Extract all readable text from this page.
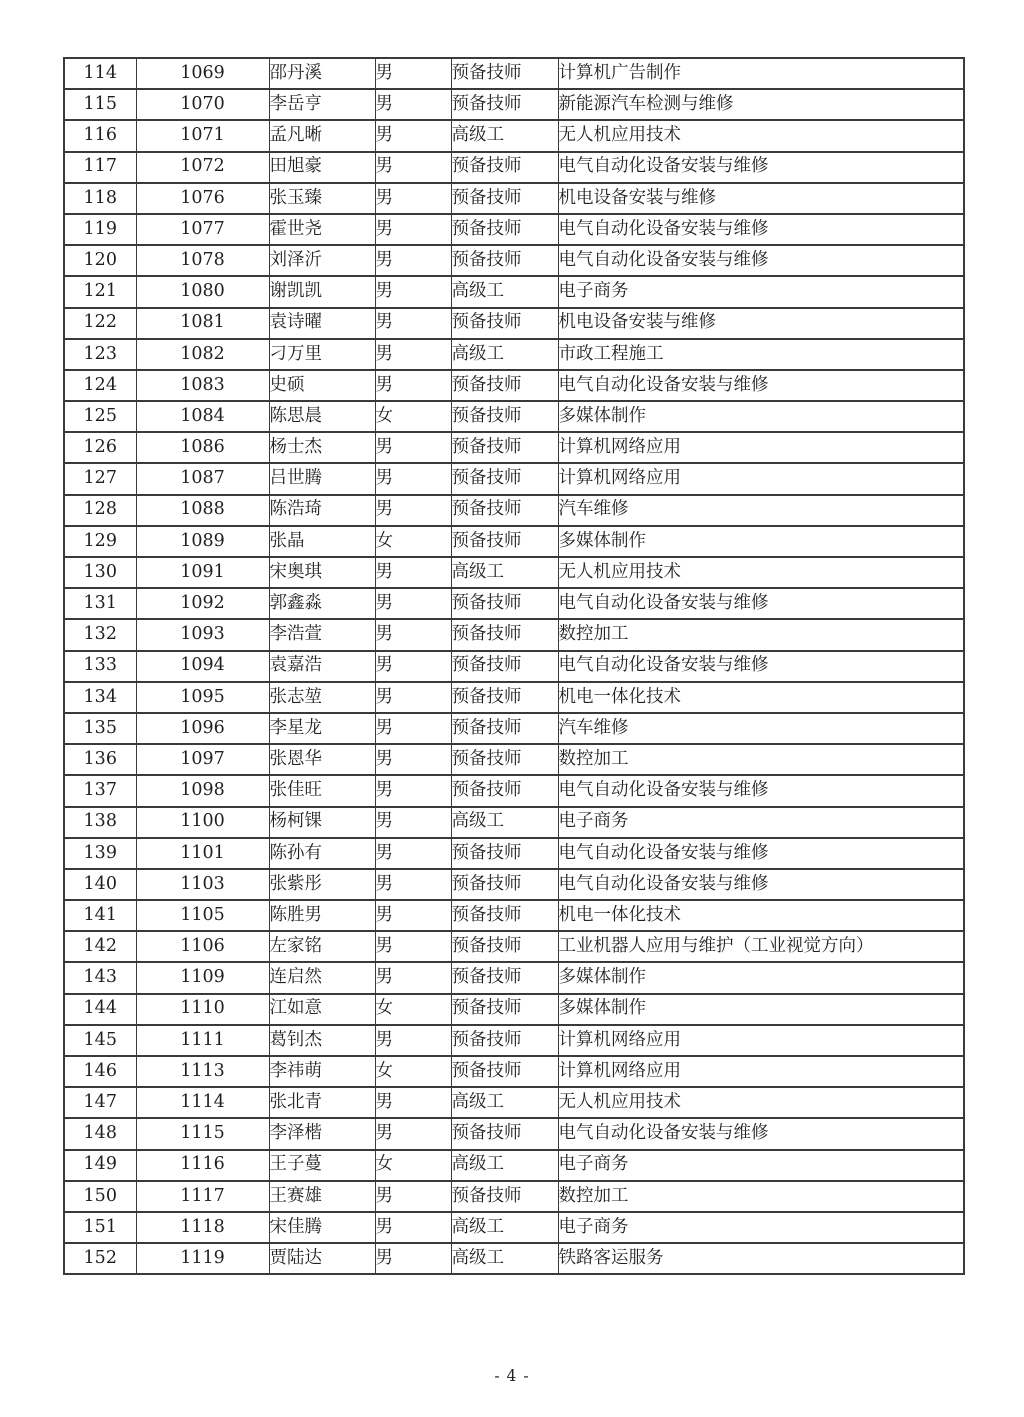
114	1069	邵丹溪	男	预备技师	计算机广告制作
115	1070	李岳亨	男	预备技师	新能源汽车检测与维修
116	1071	孟凡晰	男	高级工	无人机应用技术
117	1072	田旭豪	男	预备技师	电气自动化设备安装与维修
118	1076	张玉臻	男	预备技师	机电设备安装与维修
119	1077	霍世尧	男	预备技师	电气自动化设备安装与维修
120	1078	刘泽沂	男	预备技师	电气自动化设备安装与维修
121	1080	谢凯凯	男	高级工	电子商务
122	1081	袁诗曜	男	预备技师	机电设备安装与维修
123	1082	刁万里	男	高级工	市政工程施工
124	1083	史硕	男	预备技师	电气自动化设备安装与维修
125	1084	陈思晨	女	预备技师	多媒体制作
126	1086	杨士杰	男	预备技师	计算机网络应用
127	1087	吕世腾	男	预备技师	计算机网络应用
128	1088	陈浩琦	男	预备技师	汽车维修
129	1089	张晶	女	预备技师	多媒体制作
130	1091	宋奥琪	男	高级工	无人机应用技术
131	1092	郭鑫淼	男	预备技师	电气自动化设备安装与维修
132	1093	李浩萱	男	预备技师	数控加工
133	1094	袁嘉浩	男	预备技师	电气自动化设备安装与维修
134	1095	张志堃	男	预备技师	机电一体化技术
135	1096	李星龙	男	预备技师	汽车维修
136	1097	张恩华	男	预备技师	数控加工
137	1098	张佳旺	男	预备技师	电气自动化设备安装与维修
138	1100	杨柯锞	男	高级工	电子商务
139	1101	陈孙有	男	预备技师	电气自动化设备安装与维修
140	1103	张紫彤	男	预备技师	电气自动化设备安装与维修
141	1105	陈胜男	男	预备技师	机电一体化技术
142	1106	左家铭	男	预备技师	工业机器人应用与维护（工业视觉方向）
143	1109	连启然	男	预备技师	多媒体制作
144	1110	江如意	女	预备技师	多媒体制作
145	1111	葛钊杰	男	预备技师	计算机网络应用
146	1113	李祎萌	女	预备技师	计算机网络应用
147	1114	张北青	男	高级工	无人机应用技术
148	1115	李泽楷	男	预备技师	电气自动化设备安装与维修
149	1116	王子蔓	女	高级工	电子商务
150	1117	王赛雄	男	预备技师	数控加工
151	1118	宋佳腾	男	高级工	电子商务
152	1119	贾陆达	男	高级工	铁路客运服务
- 4 -
